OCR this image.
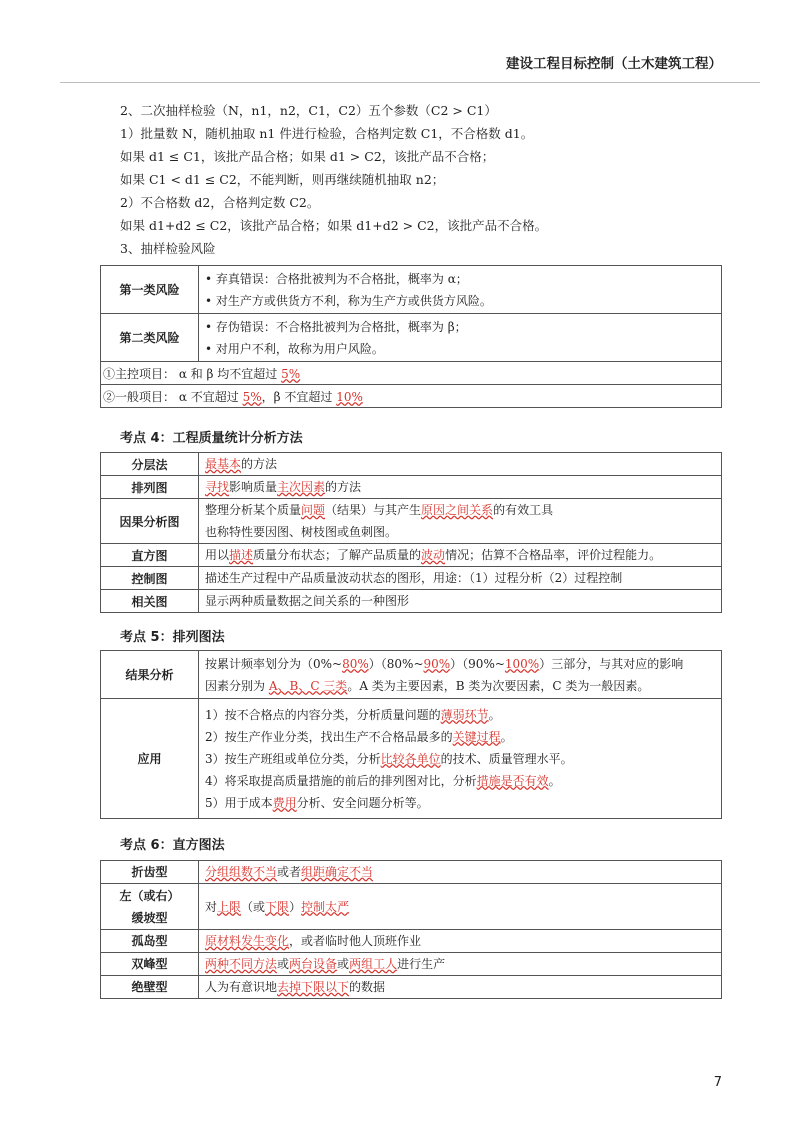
建设工程目标控制（土木建筑工程）
2、二次抽样检验（N，n1，n2，C1，C2）五个参数（C2 > C1）
1）批量数 N，随机抽取 n1 件进行检验，合格判定数 C1，不合格数 d1。
如果 d1 ≤ C1，该批产品合格；如果 d1 > C2，该批产品不合格；
如果 C1 < d1 ≤ C2，不能判断，则再继续随机抽取 n2；
2）不合格数 d2，合格判定数 C2。
如果 d1+d2 ≤ C2，该批产品合格；如果 d1+d2 > C2，该批产品不合格。
3、抽样检验风险
第一类风险	• 弃真错误：合格批被判为不合格批，概率为 α；
• 对生产方或供货方不利，称为生产方或供货方风险。

第二类风险	• 存伪错误：不合格批被判为合格批，概率为 β；
• 对用户不利，故称为用户风险。

①主控项目： α 和 β 均不宜超过 5%	
②一般项目： α 不宜超过 5%，β 不宜超过 10%	
考点 4：工程质量统计分析方法
分层法	最基本的方法

排列图	寻找影响质量主次因素的方法

因果分析图	整理分析某个质量问题（结果）与其产生原因之间关系的有效工具
也称特性要因图、树枝图或鱼刺图。

直方图	用以描述质量分布状态；了解产品质量的波动情况；估算不合格品率，评价过程能力。

控制图	描述生产过程中产品质量波动状态的图形，用途：（1）过程分析（2）过程控制

相关图	显示两种质量数据之间关系的一种图形
考点 5：排列图法
结果分析	按累计频率划分为（0%~80%）（80%~90%）（90%~100%）三部分，与其对应的影响
因素分别为 A、B、C 三类。A 类为主要因素，B 类为次要因素，C 类为一般因素。

应用	1）按不合格点的内容分类，分析质量问题的薄弱环节。
2）按生产作业分类，找出生产不合格品最多的关键过程。
3）按生产班组或单位分类，分析比较各单位的技术、质量管理水平。
4）将采取提高质量措施的前后的排列图对比，分析措施是否有效。
5）用于成本费用分析、安全问题分析等。
考点 6：直方图法
折齿型	分组组数不当或者组距确定不当

左（或右）
缓坡型	对上限（或下限）控制太严

孤岛型	原材料发生变化，或者临时他人顶班作业

双峰型	两种不同方法或两台设备或两组工人进行生产

绝壁型	人为有意识地去掉下限以下的数据
7
